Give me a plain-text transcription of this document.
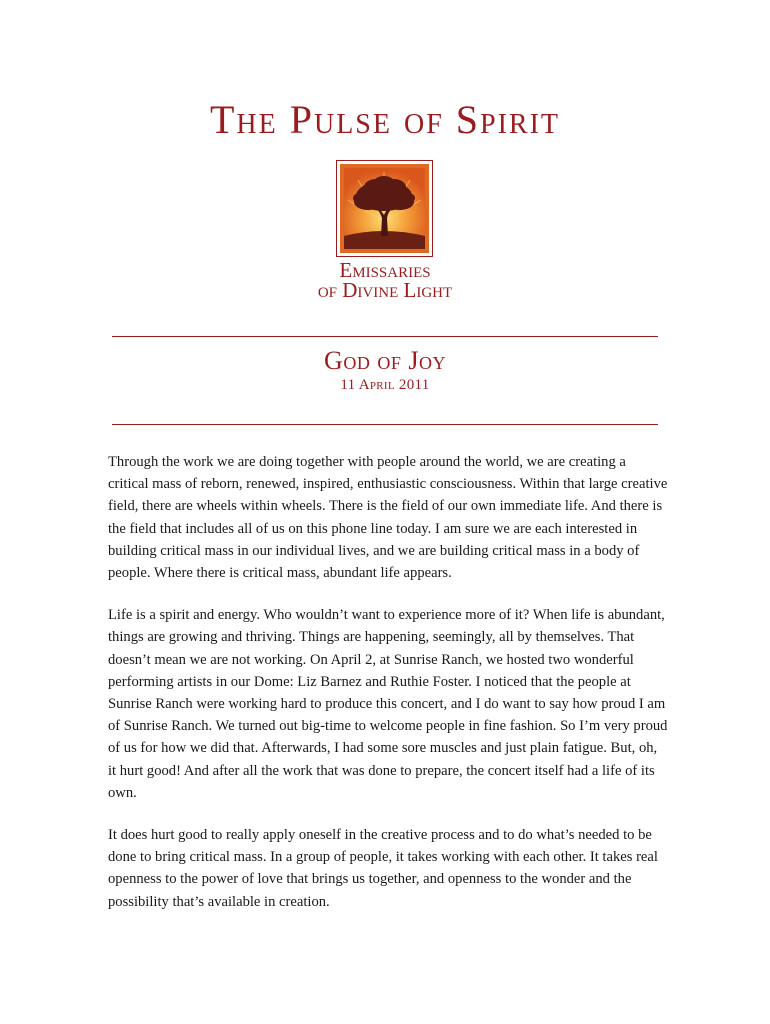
The Pulse of Spirit
Emissaries
of Divine Light
God of Joy
11 April 2011

Through the work we are doing together with people around the world, we are creating a critical mass of reborn, renewed, inspired, enthusiastic consciousness. Within that large creative field, there are wheels within wheels. There is the field of our own immediate life. And there is the field that includes all of us on this phone line today. I am sure we are each interested in building critical mass in our individual lives, and we are building critical mass in a body of people. Where there is critical mass, abundant life appears.

Life is a spirit and energy. Who wouldn’t want to experience more of it? When life is abundant, things are growing and thriving. Things are happening, seemingly, all by themselves. That doesn’t mean we are not working. On April 2, at Sunrise Ranch, we hosted two wonderful performing artists in our Dome: Liz Barnez and Ruthie Foster. I noticed that the people at Sunrise Ranch were working hard to produce this concert, and I do want to say how proud I am of Sunrise Ranch. We turned out big-time to welcome people in fine fashion. So I’m very proud of us for how we did that. Afterwards, I had some sore muscles and just plain fatigue. But, oh, it hurt good! And after all the work that was done to prepare, the concert itself had a life of its own.

It does hurt good to really apply oneself in the creative process and to do what’s needed to be done to bring critical mass. In a group of people, it takes working with each other. It takes real openness to the power of love that brings us together, and openness to the wonder and the possibility that’s available in creation.
